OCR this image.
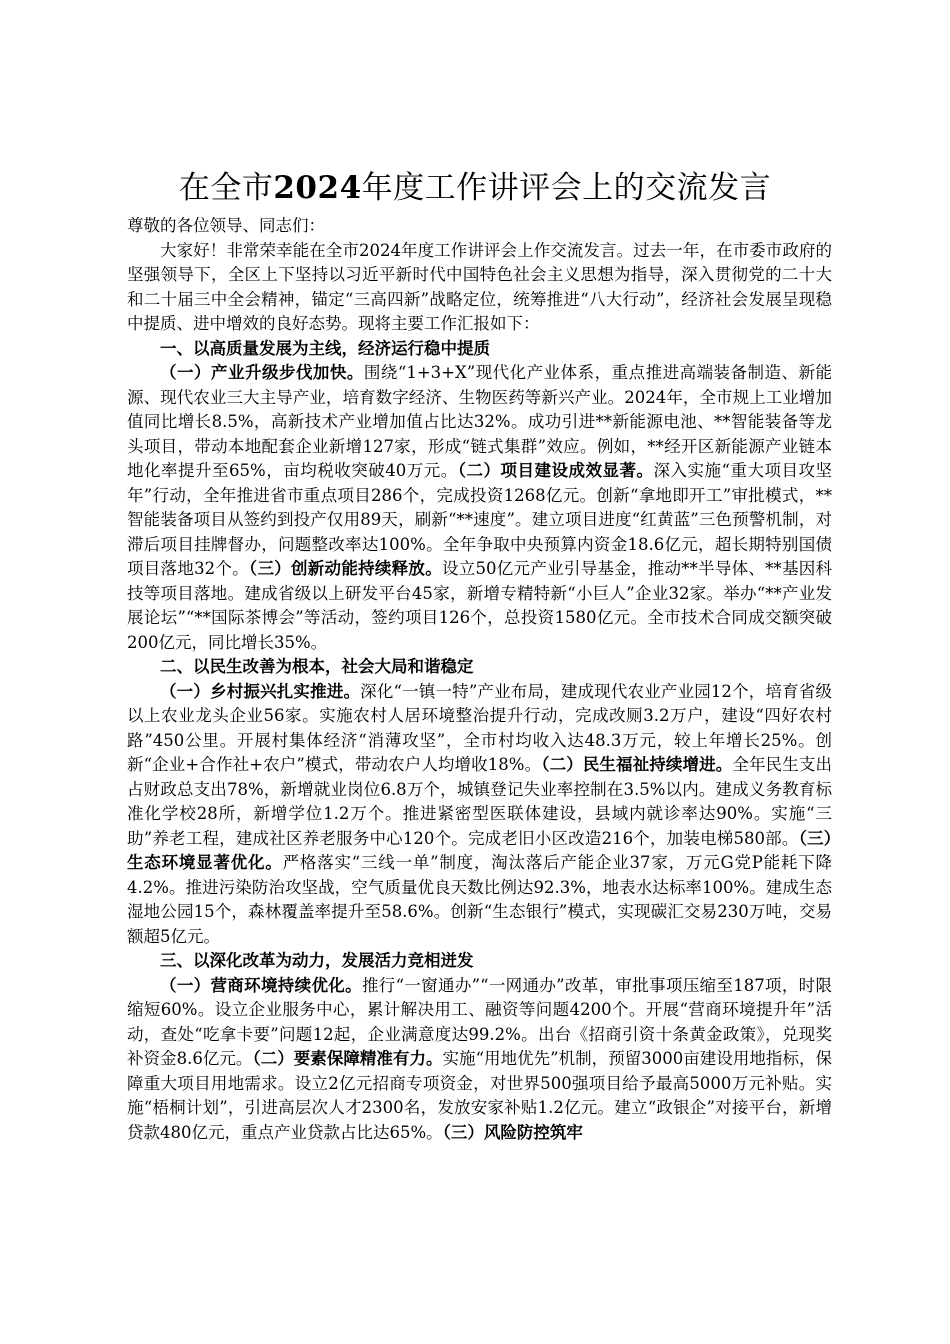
在全市2024年度工作讲评会上的交流发言

尊敬的各位领导、同志们：

大家好！非常荣幸能在全市2024年度工作讲评会上作交流发言。过去一年，在市委市政府的坚强领导下，全区上下坚持以习近平新时代中国特色社会主义思想为指导，深入贯彻党的二十大和二十届三中全会精神，锚定“三高四新”战略定位，统筹推进“八大行动”，经济社会发展呈现稳中提质、进中增效的良好态势。现将主要工作汇报如下：

一、以高质量发展为主线，经济运行稳中提质

（一）产业升级步伐加快。围绕“1+3+X”现代化产业体系，重点推进高端装备制造、新能源、现代农业三大主导产业，培育数字经济、生物医药等新兴产业。2024年，全市规上工业增加值同比增长8.5%，高新技术产业增加值占比达32%。成功引进**新能源电池、**智能装备等龙头项目，带动本地配套企业新增127家，形成“链式集群”效应。例如，**经开区新能源产业链本地化率提升至65%，亩均税收突破40万元。（二）项目建设成效显著。深入实施“重大项目攻坚年”行动，全年推进省市重点项目286个，完成投资1268亿元。创新“拿地即开工”审批模式，**智能装备项目从签约到投产仅用89天，刷新“**速度”。建立项目进度“红黄蓝”三色预警机制，对滞后项目挂牌督办，问题整改率达100%。全年争取中央预算内资金18.6亿元，超长期特别国债项目落地32个。（三）创新动能持续释放。设立50亿元产业引导基金，推动**半导体、**基因科技等项目落地。建成省级以上研发平台45家，新增专精特新“小巨人”企业32家。举办“**产业发展论坛”“**国际茶博会”等活动，签约项目126个，总投资1580亿元。全市技术合同成交额突破200亿元，同比增长35%。

二、以民生改善为根本，社会大局和谐稳定

（一）乡村振兴扎实推进。深化“一镇一特”产业布局，建成现代农业产业园12个，培育省级以上农业龙头企业56家。实施农村人居环境整治提升行动，完成改厕3.2万户，建设“四好农村路”450公里。开展村集体经济“消薄攻坚”，全市村均收入达48.3万元，较上年增长25%。创新“企业+合作社+农户”模式，带动农户人均增收18%。（二）民生福祉持续增进。全年民生支出占财政总支出78%，新增就业岗位6.8万个，城镇登记失业率控制在3.5%以内。建成义务教育标准化学校28所，新增学位1.2万个。推进紧密型医联体建设，县域内就诊率达90%。实施“三助”养老工程，建成社区养老服务中心120个。完成老旧小区改造216个，加装电梯580部。（三）生态环境显著优化。严格落实“三线一单”制度，淘汰落后产能企业37家，万元G党P能耗下降4.2%。推进污染防治攻坚战，空气质量优良天数比例达92.3%，地表水达标率100%。建成生态湿地公园15个，森林覆盖率提升至58.6%。创新“生态银行”模式，实现碳汇交易230万吨，交易额超5亿元。

三、以深化改革为动力，发展活力竞相迸发

（一）营商环境持续优化。推行“一窗通办”“一网通办”改革，审批事项压缩至187项，时限缩短60%。设立企业服务中心，累计解决用工、融资等问题4200个。开展“营商环境提升年”活动，查处“吃拿卡要”问题12起，企业满意度达99.2%。出台《招商引资十条黄金政策》，兑现奖补资金8.6亿元。（二）要素保障精准有力。实施“用地优先”机制，预留3000亩建设用地指标，保障重大项目用地需求。设立2亿元招商专项资金，对世界500强项目给予最高5000万元补贴。实施“梧桐计划”，引进高层次人才2300名，发放安家补贴1.2亿元。建立“政银企”对接平台，新增贷款480亿元，重点产业贷款占比达65%。（三）风险防控筑牢
